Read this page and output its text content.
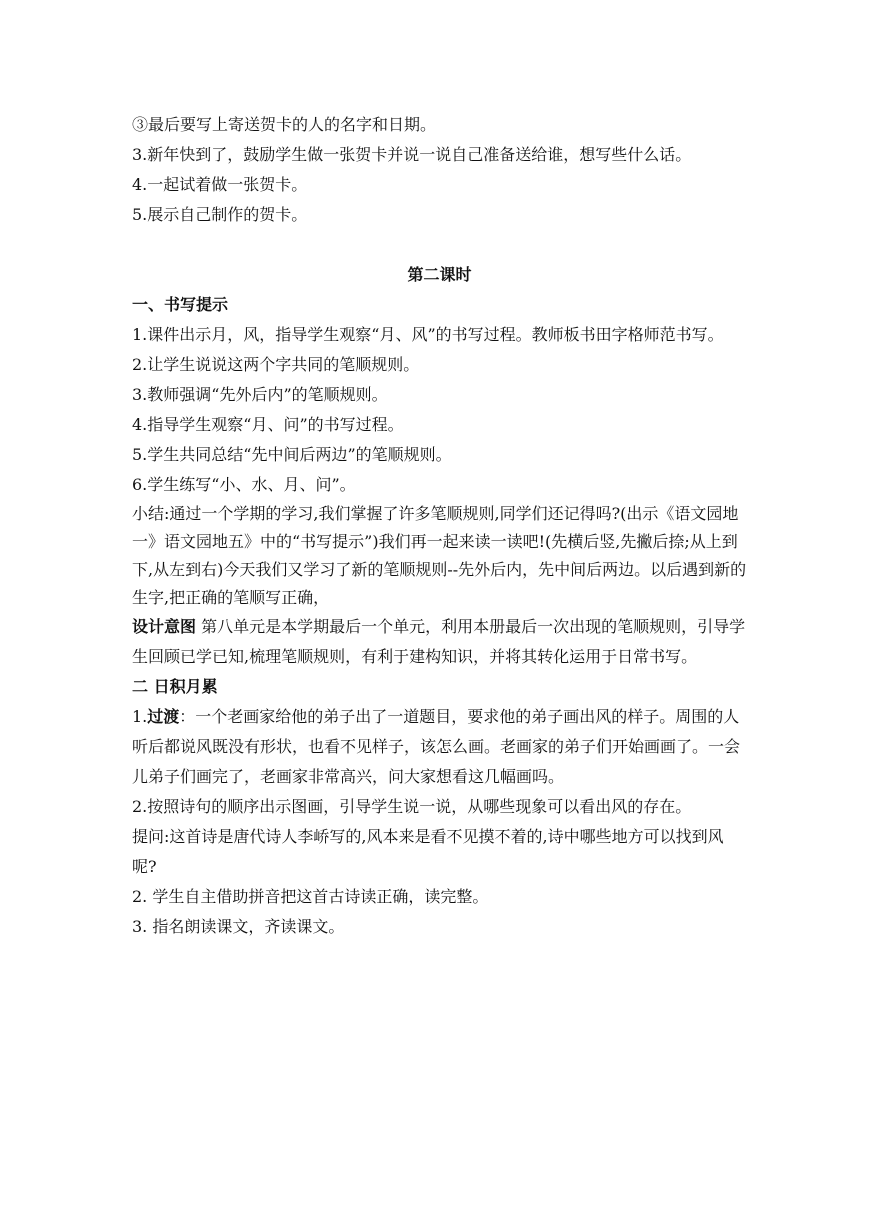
③最后要写上寄送贺卡的人的名字和日期。

3.新年快到了，鼓励学生做一张贺卡并说一说自己准备送给谁，想写些什么话。

4.一起试着做一张贺卡。

5.展示自己制作的贺卡。

第二课时

一、书写提示

1.课件出示月，风，指导学生观察“月、风”的书写过程。教师板书田字格师范书写。

2.让学生说说这两个字共同的笔顺规则。

3.教师强调“先外后内”的笔顺规则。

4.指导学生观察“月、问”的书写过程。

5.学生共同总结“先中间后两边”的笔顺规则。

6.学生练写“小、水、月、问”。

小结:通过一个学期的学习,我们掌握了许多笔顺规则,同学们还记得吗?(出示《语文园地一》语文园地五》中的“书写提示”)我们再一起来读一读吧!(先横后竖,先撇后捺;从上到下,从左到右)今天我们又学习了新的笔顺规则--先外后内，先中间后两边。以后遇到新的生字,把正确的笔顺写正确，

设计意图 第八单元是本学期最后一个单元，利用本册最后一次出现的笔顺规则，引导学生回顾已学已知,梳理笔顺规则，有利于建构知识，并将其转化运用于日常书写。

二 日积月累

1.过渡：一个老画家给他的弟子出了一道题目，要求他的弟子画出风的样子。周围的人听后都说风既没有形状，也看不见样子，该怎么画。老画家的弟子们开始画画了。一会儿弟子们画完了，老画家非常高兴，问大家想看这几幅画吗。

2.按照诗句的顺序出示图画，引导学生说一说，从哪些现象可以看出风的存在。

提问:这首诗是唐代诗人李峤写的,风本来是看不见摸不着的,诗中哪些地方可以找到风呢?

2. 学生自主借助拼音把这首古诗读正确，读完整。

3. 指名朗读课文，齐读课文。
